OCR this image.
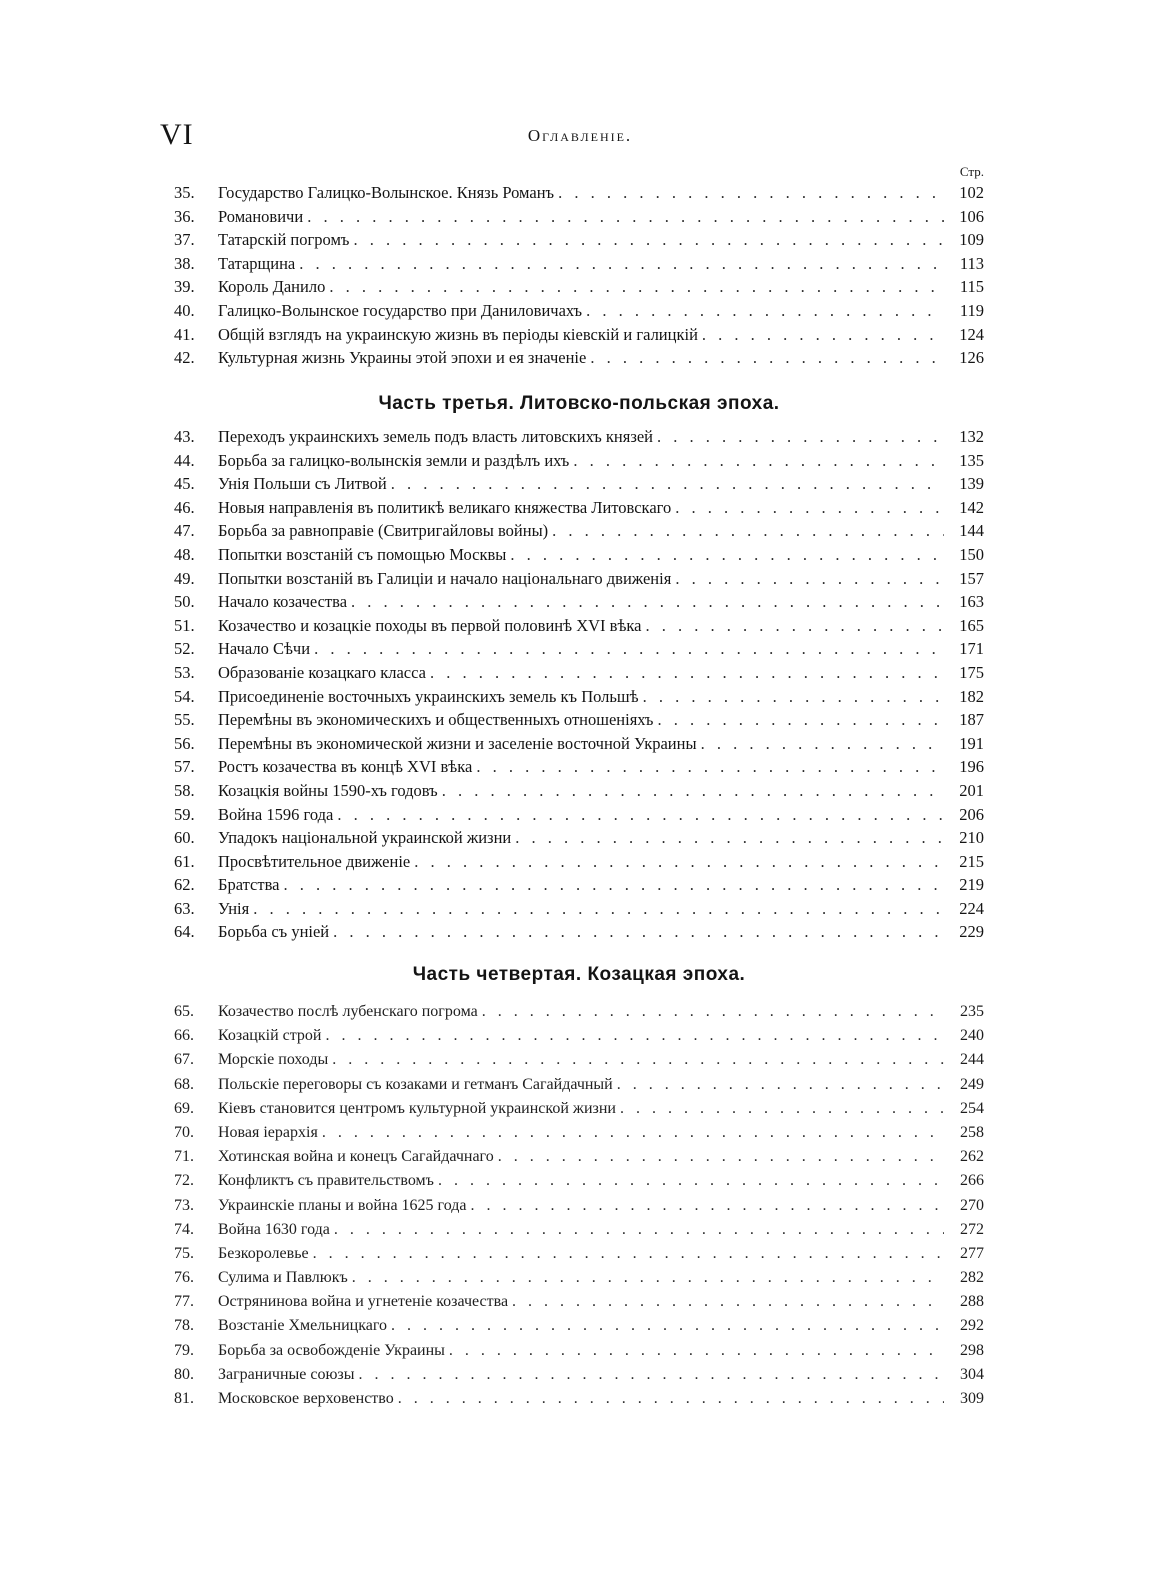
VI	Оглавленіе.
Стр.
35.	Государство Галицко-Волынское. Князь Романъ . . .	102
36.	Романовичи . . .	106
37.	Татарскій погромъ . . .	109
38.	Татарщина . . .	113
39.	Король Данило . . .	115
40.	Галицко-Волынское государство при Даниловичахъ . . .	119
41.	Общій взглядъ на украинскую жизнь въ періоды кіевскій и галицкій . . .	124
42.	Культурная жизнь Украины этой эпохи и ея значеніе . . .	126
Часть третья. Литовско-польская эпоха.
43.	Переходъ украинскихъ земель подъ власть литовскихъ князей . . .	132
44.	Борьба за галицко-волынскія земли и раздѣлъ ихъ . . .	135
45.	Унія Польши съ Литвой . . .	139
46.	Новыя направленія въ политикѣ великаго княжества Литовскаго . . .	142
47.	Борьба за равноправіе (Свитригайловы войны) . . .	144
48.	Попытки возстаній съ помощью Москвы . . .	150
49.	Попытки возстаній въ Галиціи и начало національнаго движенія . . .	157
50.	Начало козачества . . .	163
51.	Козачество и козацкіе походы въ первой половинѣ XVI вѣка . . .	165
52.	Начало Сѣчи . . .	171
53.	Образованіе козацкаго класса . . .	175
54.	Присоединеніе восточныхъ украинскихъ земель къ Польшѣ . . .	182
55.	Перемѣны въ экономическихъ и общественныхъ отношеніяхъ . . .	187
56.	Перемѣны въ экономической жизни и заселеніе восточной Украины . . .	191
57.	Ростъ козачества въ концѣ XVI вѣка . . .	196
58.	Козацкія войны 1590-хъ годовъ . . .	201
59.	Война 1596 года . . .	206
60.	Упадокъ національной украинской жизни . . .	210
61.	Просвѣтительное движеніе . . .	215
62.	Братства . . .	219
63.	Унія . . .	224
64.	Борьба съ уніей . . .	229
Часть четвертая. Козацкая эпоха.
65.	Козачество послѣ лубенскаго погрома . . .	235
66.	Козацкій строй . . .	240
67.	Морскіе походы . . .	244
68.	Польскіе переговоры съ козаками и гетманъ Сагайдачный . . .	249
69.	Кіевъ становится центромъ культурной украинской жизни . . .	254
70.	Новая іерархія . . .	258
71.	Хотинская война и конецъ Сагайдачнаго . . .	262
72.	Конфликтъ съ правительствомъ . . .	266
73.	Украинскіе планы и война 1625 года . . .	270
74.	Война 1630 года . . .	272
75.	Безкоролевье . . .	277
76.	Сулима и Павлюкъ . . .	282
77.	Остряниновa война и угнетеніе козачества . . .	288
78.	Возстаніе Хмельницкаго . . .	292
79.	Борьба за освобожденіе Украины . . .	298
80.	Заграничные союзы . . .	304
81.	Московское верховенство . . .	309
